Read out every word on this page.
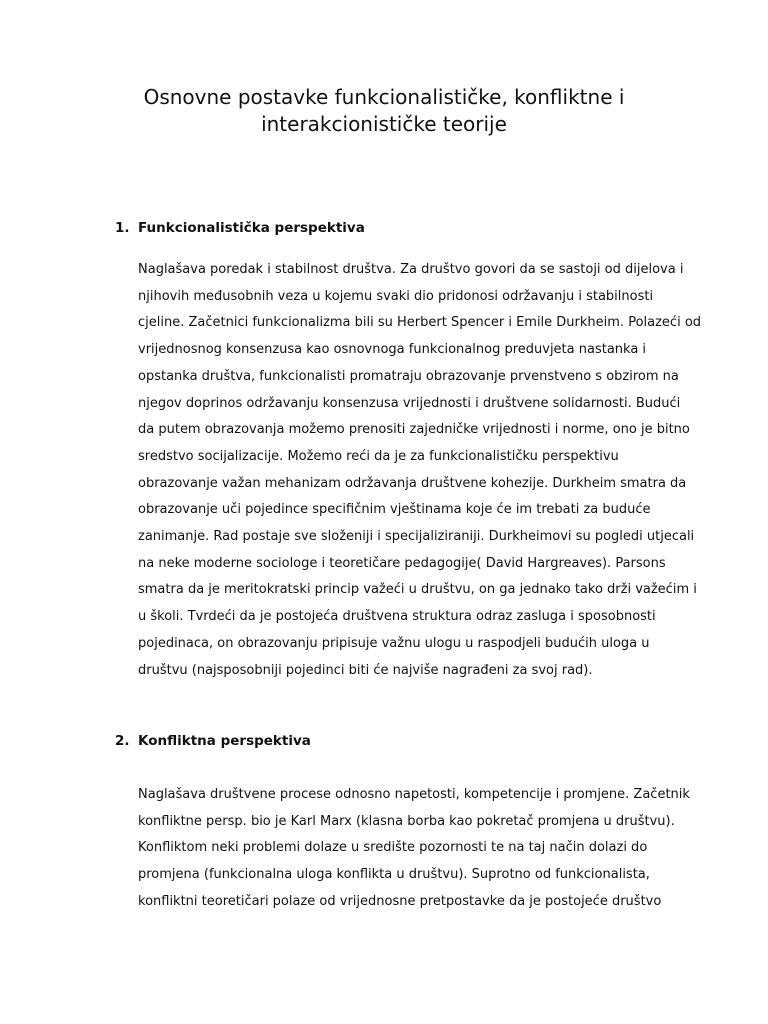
Osnovne postavke funkcionalističke, konfliktne i
interakcionističke teorije
1. Funkcionalistička perspektiva

Naglašava poredak i stabilnost društva. Za društvo govori da se sastoji od dijelova i
njihovih međusobnih veza u kojemu svaki dio pridonosi održavanju i stabilnosti
cjeline. Začetnici funkcionalizma bili su Herbert Spencer i Emile Durkheim. Polazeći od
vrijednosnog konsenzusa kao osnovnoga funkcionalnog preduvjeta nastanka i
opstanka društva, funkcionalisti promatraju obrazovanje prvenstveno s obzirom na
njegov doprinos održavanju konsenzusa vrijednosti i društvene solidarnosti. Budući
da putem obrazovanja možemo prenositi zajedničke vrijednosti i norme, ono je bitno
sredstvo socijalizacije. Možemo reći da je za funkcionalističku perspektivu
obrazovanje važan mehanizam održavanja društvene kohezije. Durkheim smatra da
obrazovanje uči pojedince specifičnim vještinama koje će im trebati za buduće
zanimanje. Rad postaje sve složeniji i specijaliziraniji. Durkheimovi su pogledi utjecali
na neke moderne sociologe i teoretičare pedagogije( David Hargreaves). Parsons
smatra da je meritokratski princip važeći u društvu, on ga jednako tako drži važećim i
u školi. Tvrdeći da je postojeća društvena struktura odraz zasluga i sposobnosti
pojedinaca, on obrazovanju pripisuje važnu ulogu u raspodjeli budućih uloga u
društvu (najsposobniji pojedinci biti će najviše nagrađeni za svoj rad).

2. Konfliktna perspektiva

Naglašava društvene procese odnosno napetosti, kompetencije i promjene. Začetnik
konfliktne persp. bio je Karl Marx (klasna borba kao pokretač promjena u društvu).
Konfliktom neki problemi dolaze u središte pozornosti te na taj način dolazi do
promjena (funkcionalna uloga konflikta u društvu). Suprotno od funkcionalista,
konfliktni teoretičari polaze od vrijednosne pretpostavke da je postojeće društvo
